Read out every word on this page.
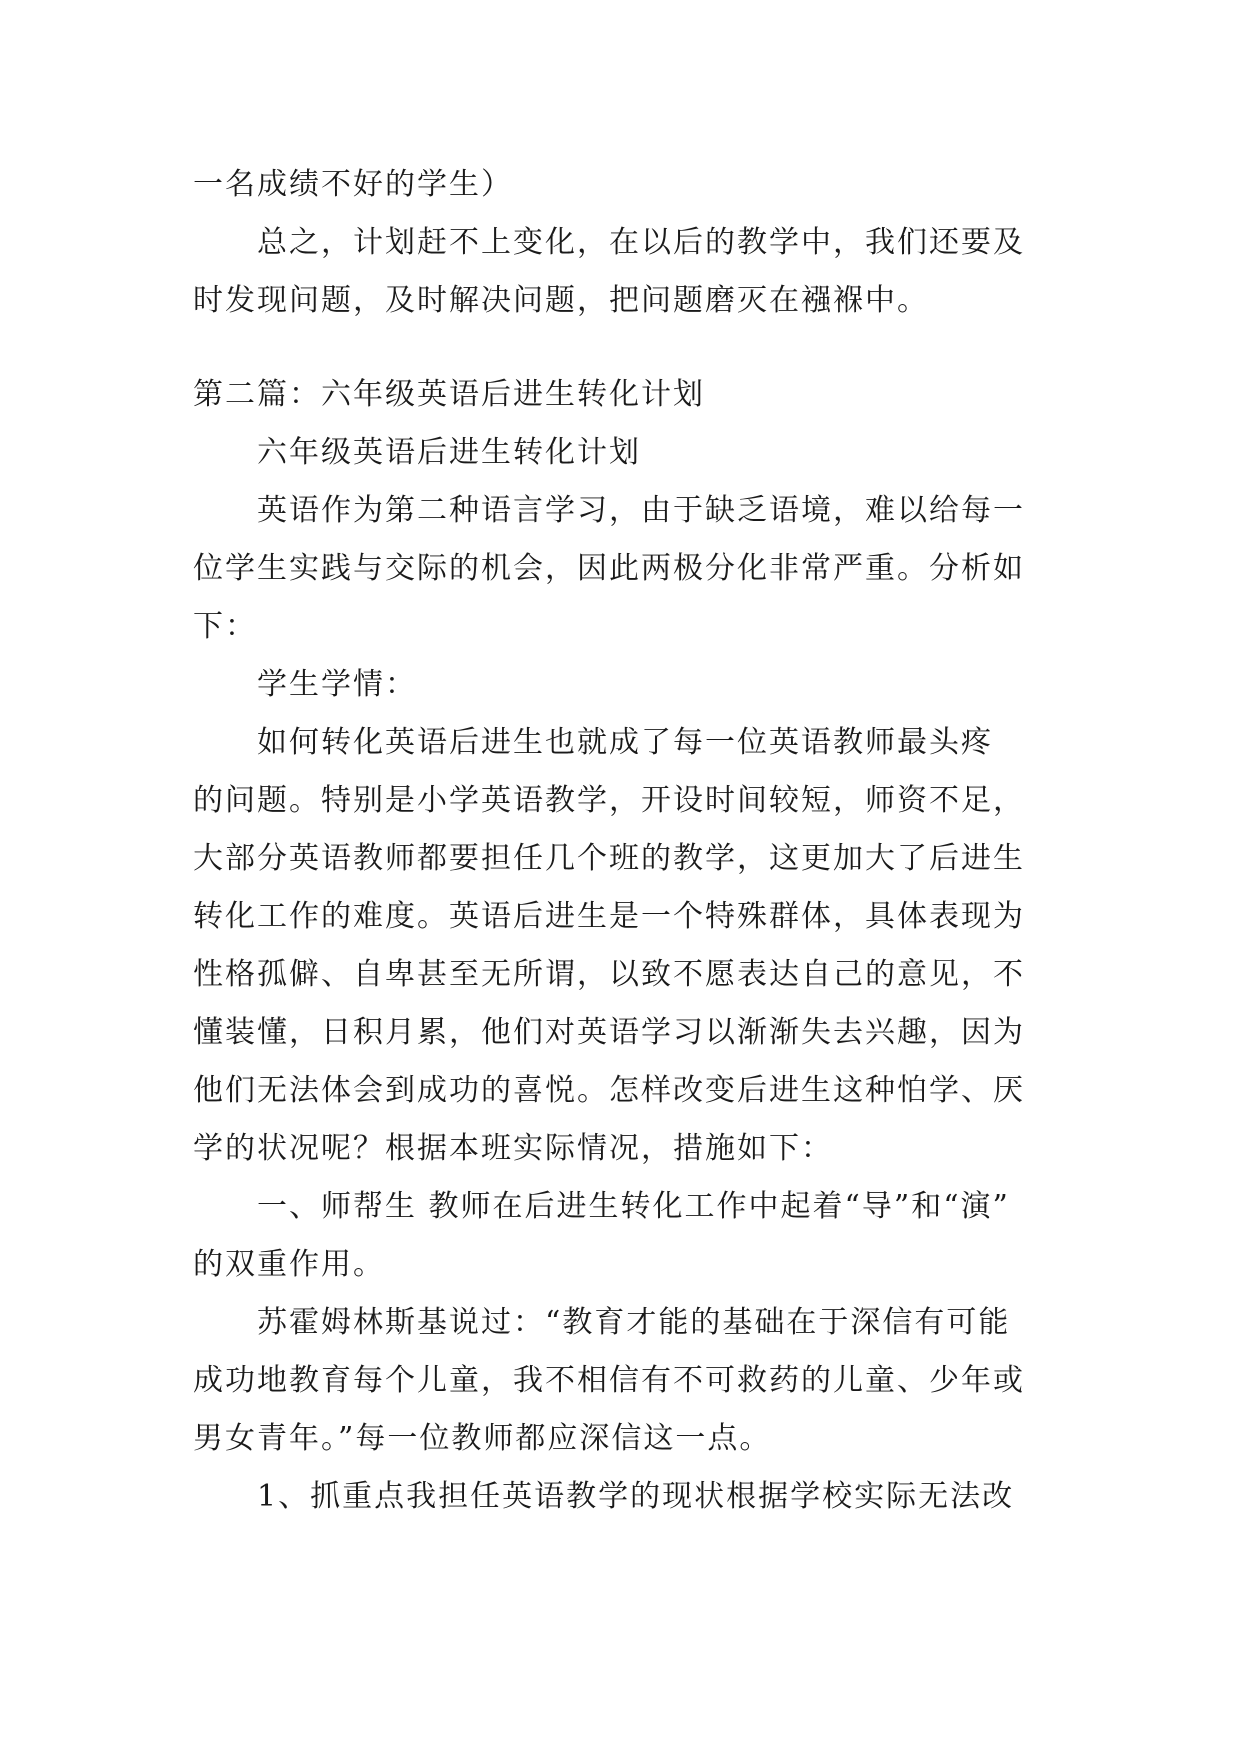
一名成绩不好的学生）
总之，计划赶不上变化，在以后的教学中，我们还要及
时发现问题，及时解决问题，把问题磨灭在襁褓中。
第二篇：六年级英语后进生转化计划
六年级英语后进生转化计划
英语作为第二种语言学习，由于缺乏语境，难以给每一
位学生实践与交际的机会，因此两极分化非常严重。分析如
下：
学生学情：
如何转化英语后进生也就成了每一位英语教师最头疼
的问题。特别是小学英语教学，开设时间较短，师资不足，
大部分英语教师都要担任几个班的教学，这更加大了后进生
转化工作的难度。英语后进生是一个特殊群体，具体表现为
性格孤僻、自卑甚至无所谓，以致不愿表达自己的意见，不
懂装懂，日积月累，他们对英语学习以渐渐失去兴趣，因为
他们无法体会到成功的喜悦。怎样改变后进生这种怕学、厌
学的状况呢？根据本班实际情况，措施如下：
一、师帮生 教师在后进生转化工作中起着“导”和“演”
的双重作用。
苏霍姆林斯基说过：“教育才能的基础在于深信有可能
成功地教育每个儿童，我不相信有不可救药的儿童、少年或
男女青年。”每一位教师都应深信这一点。
1、抓重点我担任英语教学的现状根据学校实际无法改
